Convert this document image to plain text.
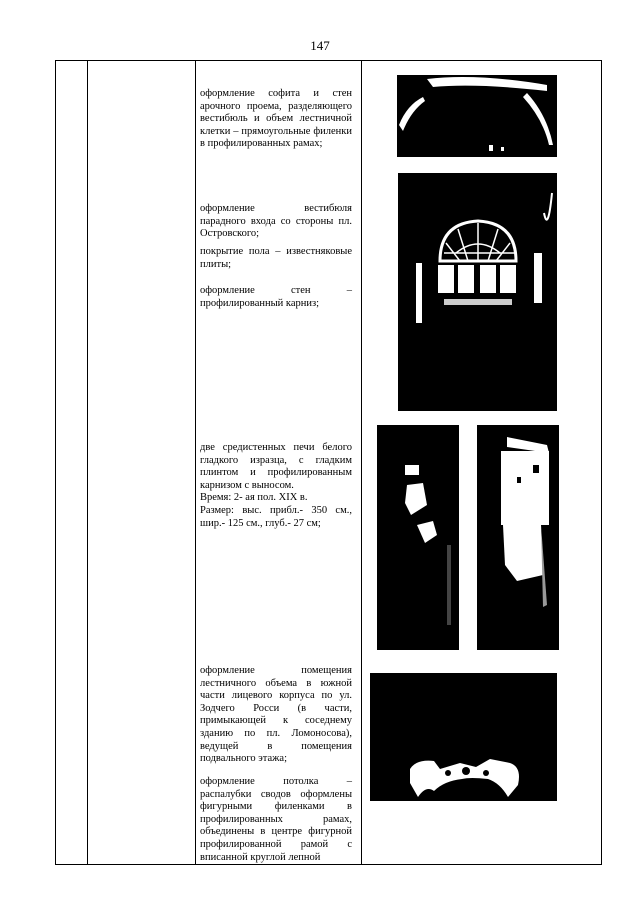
147

оформление софита и стен арочного проема, разделяющего вестибюль и объем лестничной клетки – прямоугольные филенки в профилированных рамах;

оформление вестибюля парадного входа со стороны пл. Островского;

покрытие пола – известняковые плиты;

оформление стен – профилированный карниз;

две средистенных печи белого гладкого изразца, с гладким плинтом и профилированным карнизом с выносом.

Время: 2- ая пол. XIX в.

Размер: выс. прибл.- 350 см., шир.- 125 см., глуб.- 27 см;

оформление помещения лестничного объема в южной части лицевого корпуса по ул. Зодчего Росси (в части, примыкающей к соседнему зданию по пл. Ломоносова), ведущей в помещения подвального этажа;

оформление потолка – распалубки сводов оформлены фигурными филенками в профилированных рамах, объединены в центре фигурной профилированной рамой с вписанной круглой лепной
